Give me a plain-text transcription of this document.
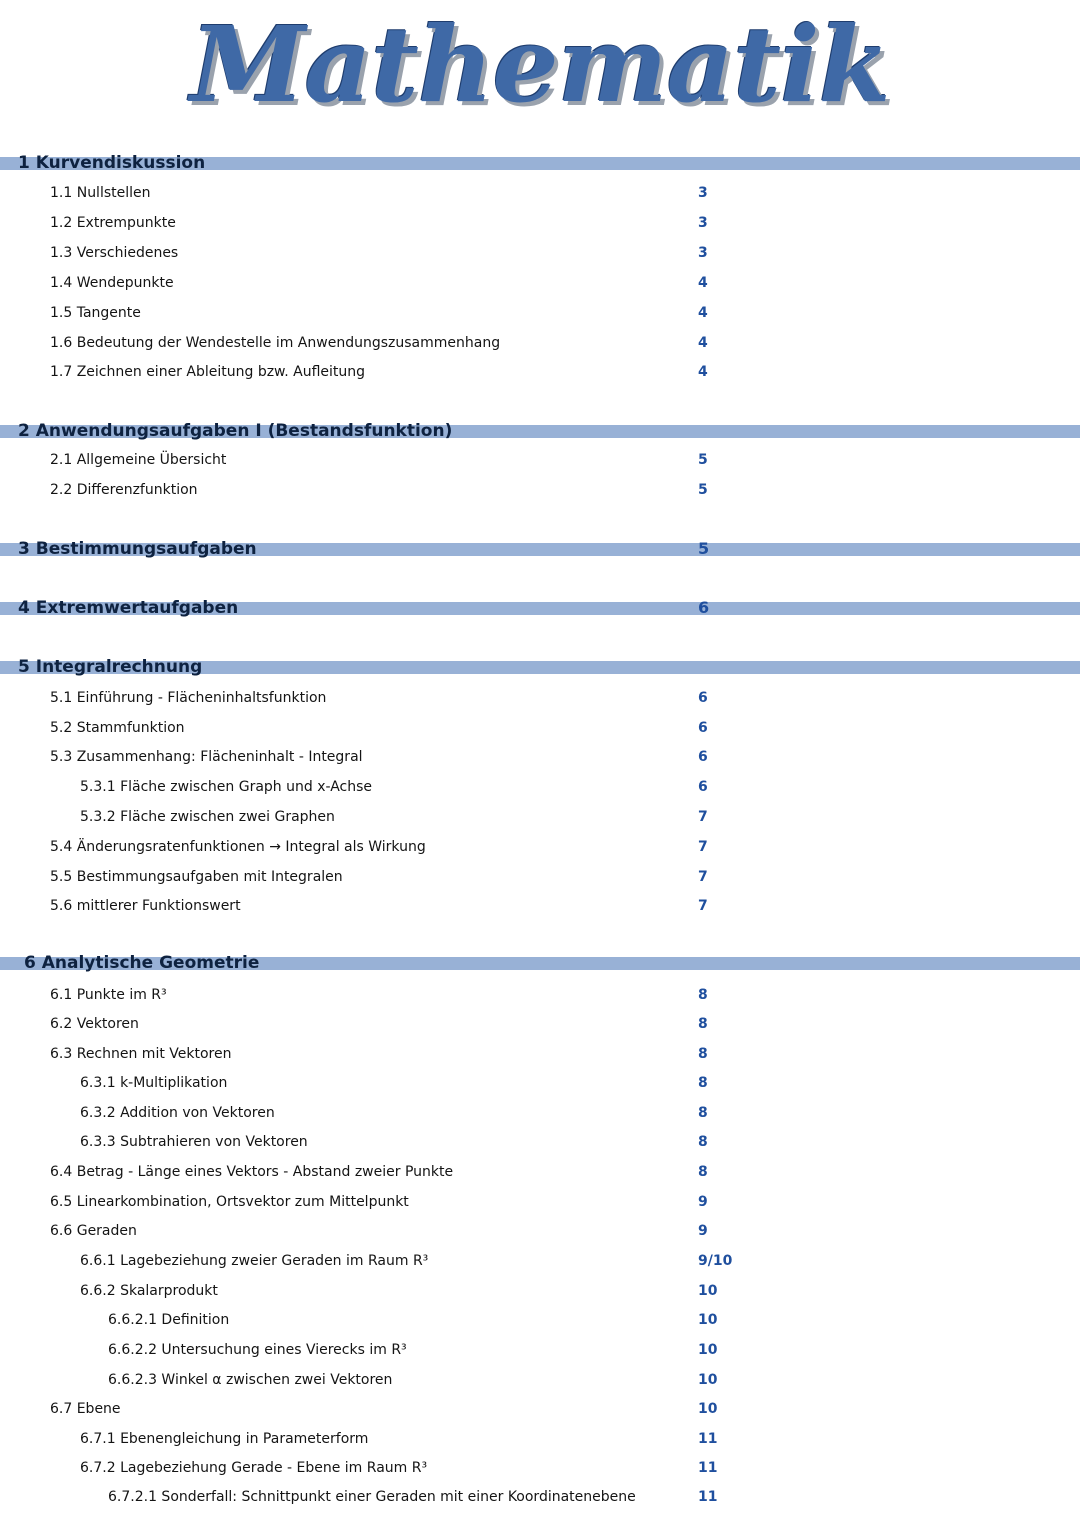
Mathematik
1 Kurvendiskussion
1.1 Nullstellen	3
1.2 Extrempunkte	3
1.3 Verschiedenes	3
1.4 Wendepunkte	4
1.5 Tangente	4
1.6 Bedeutung der Wendestelle im Anwendungszusammenhang	4
1.7 Zeichnen einer Ableitung bzw. Aufleitung	4
2 Anwendungsaufgaben I (Bestandsfunktion)
2.1 Allgemeine Übersicht	5
2.2 Differenzfunktion	5
3 Bestimmungsaufgaben	5
4 Extremwertaufgaben	6
5 Integralrechnung
5.1 Einführung - Flächeninhaltsfunktion	6
5.2 Stammfunktion	6
5.3 Zusammenhang: Flächeninhalt - Integral	6
5.3.1 Fläche zwischen Graph und x-Achse	6
5.3.2 Fläche zwischen zwei Graphen	7
5.4 Änderungsratenfunktionen → Integral als Wirkung	7
5.5 Bestimmungsaufgaben mit Integralen	7
5.6 mittlerer Funktionswert	7
6 Analytische Geometrie
6.1 Punkte im R³	8
6.2 Vektoren	8
6.3 Rechnen mit Vektoren	8
6.3.1 k-Multiplikation	8
6.3.2 Addition von Vektoren	8
6.3.3 Subtrahieren von Vektoren	8
6.4 Betrag - Länge eines Vektors - Abstand zweier Punkte	8
6.5 Linearkombination, Ortsvektor zum Mittelpunkt	9
6.6 Geraden	9
6.6.1 Lagebeziehung zweier Geraden im Raum R³	9/10
6.6.2 Skalarprodukt	10
6.6.2.1 Definition	10
6.6.2.2 Untersuchung eines Vierecks im R³	10
6.6.2.3 Winkel α zwischen zwei Vektoren	10
6.7 Ebene	10
6.7.1 Ebenengleichung in Parameterform	11
6.7.2 Lagebeziehung Gerade - Ebene im Raum R³	11
6.7.2.1 Sonderfall: Schnittpunkt einer Geraden mit einer Koordinatenebene	11
